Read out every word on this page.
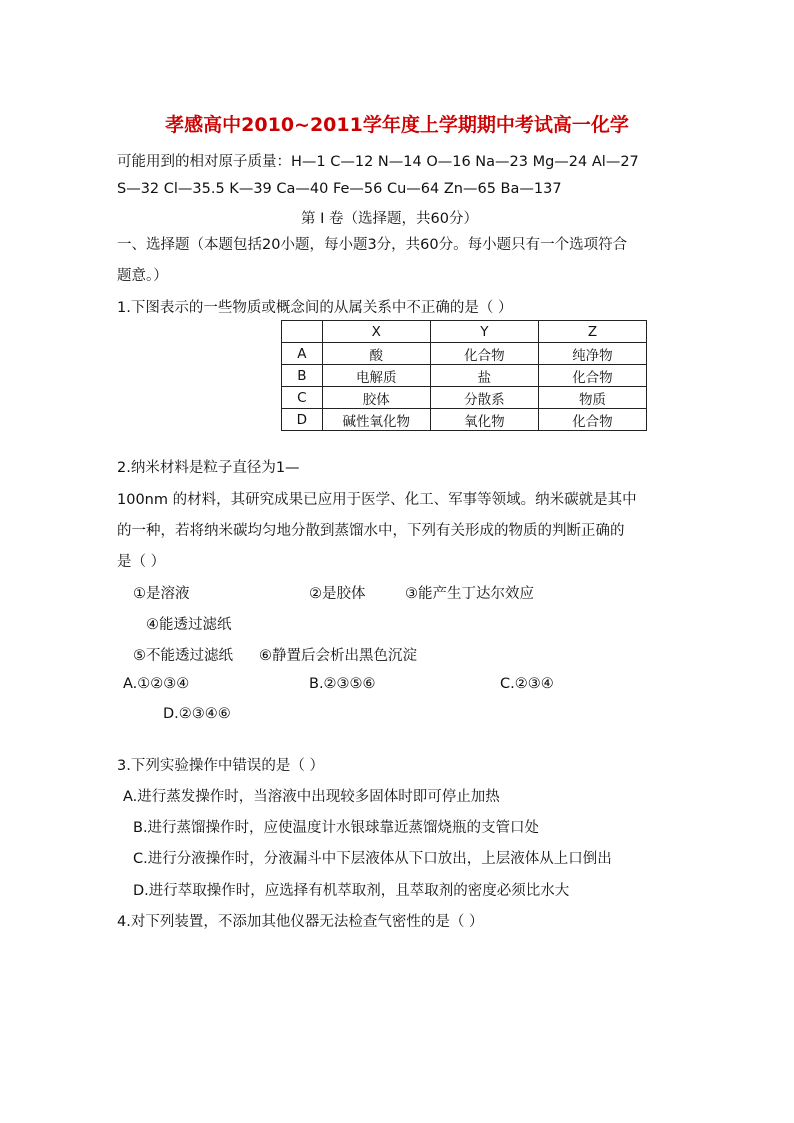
孝感高中2010~2011学年度上学期期中考试高一化学
可能用到的相对原子质量：H—1 C—12 N—14 O—16 Na—23 Mg—24 Al—27
S—32 Cl—35.5 K—39 Ca—40 Fe—56 Cu—64 Zn—65 Ba—137
第 I 卷（选择题，共60分）
一、选择题（本题包括20小题，每小题3分，共60分。每小题只有一个选项符合
题意。）
1.下图表示的一些物质或概念间的从属关系中不正确的是（ ）
	X	Y	Z
A	酸	化合物	纯净物
B	电解质	盐	化合物
C	胶体	分散系	物质
D	碱性氧化物	氧化物	化合物
2.纳米材料是粒子直径为1—
100nm 的材料，其研究成果已应用于医学、化工、军事等领域。纳米碳就是其中
的一种，若将纳米碳均匀地分散到蒸馏水中，下列有关形成的物质的判断正确的
是（ ）
①是溶液	②是胶体	③能产生丁达尔效应
④能透过滤纸
⑤不能透过滤纸 ⑥静置后会析出黑色沉淀
A.①②③④	B.②③⑤⑥	C.②③④
D.②③④⑥
3.下列实验操作中错误的是（ ）
A.进行蒸发操作时，当溶液中出现较多固体时即可停止加热
B.进行蒸馏操作时，应使温度计水银球靠近蒸馏烧瓶的支管口处
C.进行分液操作时，分液漏斗中下层液体从下口放出，上层液体从上口倒出
D.进行萃取操作时，应选择有机萃取剂，且萃取剂的密度必须比水大
4.对下列装置，不添加其他仪器无法检查气密性的是（ ）
